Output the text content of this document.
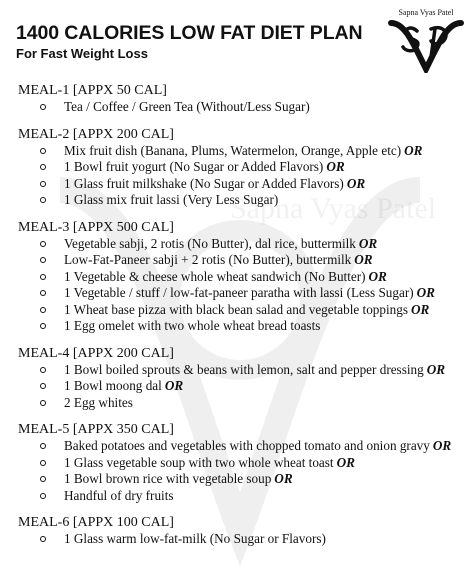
Sapna Vyas Patel
1400 CALORIES LOW FAT DIET PLAN
For Fast Weight Loss
Sapna Vyas Patel
MEAL-1 [APPX 50 CAL]
Tea / Coffee / Green Tea (Without/Less Sugar)
MEAL-2 [APPX 200 CAL]
Mix fruit dish (Banana, Plums, Watermelon, Orange, Apple etc) OR
1 Bowl fruit yogurt (No Sugar or Added Flavors) OR
1 Glass fruit milkshake (No Sugar or Added Flavors) OR
1 Glass mix fruit lassi (Very Less Sugar)
MEAL-3 [APPX 500 CAL]
Vegetable sabji, 2 rotis (No Butter), dal rice, buttermilk OR
Low-Fat-Paneer sabji + 2 rotis (No Butter), buttermilk OR
1 Vegetable & cheese whole wheat sandwich (No Butter) OR
1 Vegetable / stuff / low-fat-paneer paratha with lassi (Less Sugar) OR
1 Wheat base pizza with black bean salad and vegetable toppings OR
1 Egg omelet with two whole wheat bread toasts
MEAL-4 [APPX 200 CAL]
1 Bowl boiled sprouts & beans with lemon, salt and pepper dressing OR
1 Bowl moong dal OR
2 Egg whites
MEAL-5 [APPX 350 CAL]
Baked potatoes and vegetables with chopped tomato and onion gravy OR
1 Glass vegetable soup with two whole wheat toast OR
1 Bowl brown rice with vegetable soup OR
Handful of dry fruits
MEAL-6 [APPX 100 CAL]
1 Glass warm low-fat-milk (No Sugar or Flavors)
